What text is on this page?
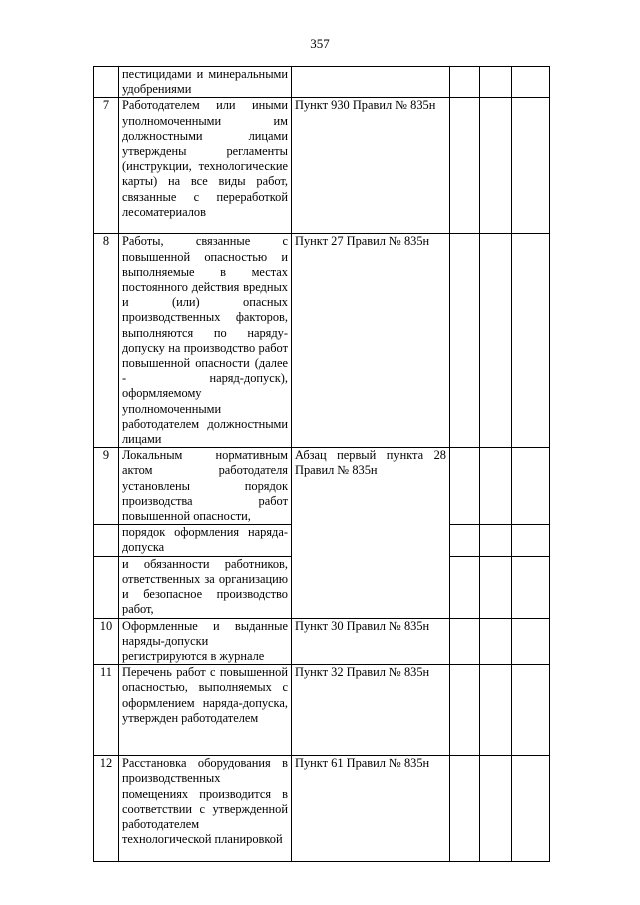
357
	пестицидами и минеральными удобрениями				
7	Работодателем или иными уполномоченными им должностными лицами утверждены регламенты (инструкции, технологические карты) на все виды работ, связанные с переработкой лесоматериалов	Пункт 930 Правил № 835н			
8	Работы, связанные с повышенной опасностью и выполняемые в местах постоянного действия вредных и (или) опасных производственных факторов, выполняются по наряду-допуску на производство работ повышенной опасности (далее - наряд-допуск), оформляемому уполномоченными работодателем должностными лицами	Пункт 27 Правил № 835н			
9	Локальным нормативным актом работодателя установлены порядок производства работ повышенной опасности,	Абзац первый пункта 28 Правил № 835н			
	порядок оформления наряда-допуска				
	и обязанности работников, ответственных за организацию и безопасное производство работ,				
10	Оформленные и выданные наряды-допуски регистрируются в журнале	Пункт 30 Правил № 835н			
11	Перечень работ с повышенной опасностью, выполняемых с оформлением наряда-допуска, утвержден работодателем	Пункт 32 Правил № 835н			
12	Расстановка оборудования в производственных помещениях производится в соответствии с утвержденной работодателем технологической планировкой	Пункт 61 Правил № 835н			
